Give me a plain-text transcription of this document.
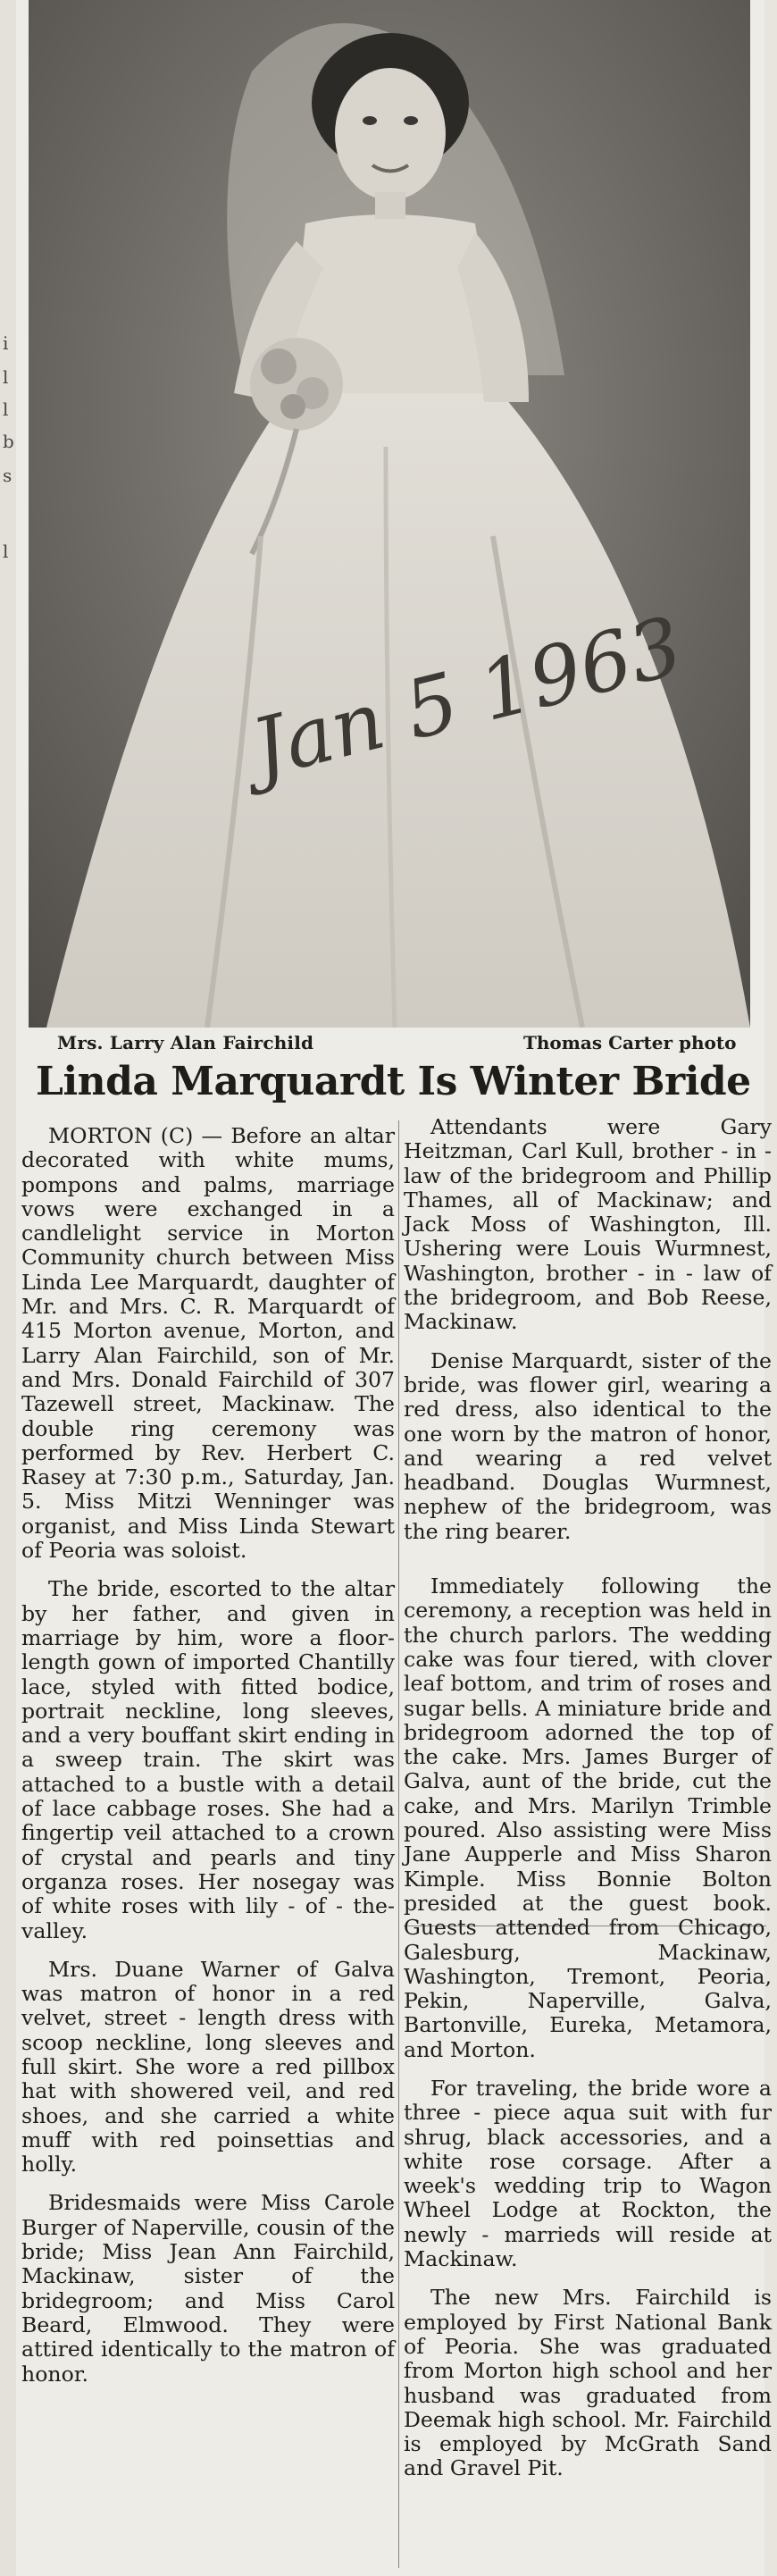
i
l
l
b
s
l
Jan 5 1963
Mrs. Larry Alan Fairchild	Thomas Carter photo
Linda Marquardt Is Winter Bride

MORTON (C) — Before an altar decorated with white mums, pompons and palms, marriage vows were exchanged in a candlelight service in Morton Community church between Miss Linda Lee Marquardt, daughter of Mr. and Mrs. C. R. Marquardt of 415 Morton avenue, Morton, and Larry Alan Fairchild, son of Mr. and Mrs. Donald Fairchild of 307 Tazewell street, Mackinaw. The double ring ceremony was performed by Rev. Herbert C. Rasey at 7:30 p.m., Saturday, Jan. 5. Miss Mitzi Wenninger was organist, and Miss Linda Stewart of Peoria was soloist.

The bride, escorted to the altar by her father, and given in marriage by him, wore a floor-length gown of imported Chantilly lace, styled with fitted bodice, portrait neckline, long sleeves, and a very bouffant skirt ending in a sweep train. The skirt was attached to a bustle with a detail of lace cabbage roses. She had a fingertip veil attached to a crown of crystal and pearls and tiny organza roses. Her nosegay was of white roses with lily - of - the-valley.

Mrs. Duane Warner of Galva was matron of honor in a red velvet, street - length dress with scoop neckline, long sleeves and full skirt. She wore a red pillbox hat with showered veil, and red shoes, and she carried a white muff with red poinsettias and holly.

Bridesmaids were Miss Carole Burger of Naperville, cousin of the bride; Miss Jean Ann Fairchild, Mackinaw, sister of the bridegroom; and Miss Carol Beard, Elmwood. They were attired identically to the matron of honor.

Attendants were Gary Heitzman, Carl Kull, brother - in - law of the bridegroom and Phillip Thames, all of Mackinaw; and Jack Moss of Washington, Ill. Ushering were Louis Wurmnest, Washington, brother - in - law of the bridegroom, and Bob Reese, Mackinaw.

Denise Marquardt, sister of the bride, was flower girl, wearing a red dress, also identical to the one worn by the matron of honor, and wearing a red velvet headband. Douglas Wurmnest, nephew of the bridegroom, was the ring bearer.

Immediately following the ceremony, a reception was held in the church parlors. The wedding cake was four tiered, with clover leaf bottom, and trim of roses and sugar bells. A miniature bride and bridegroom adorned the top of the cake. Mrs. James Burger of Galva, aunt of the bride, cut the cake, and Mrs. Marilyn Trimble poured. Also assisting were Miss Jane Aupperle and Miss Sharon Kimple. Miss Bonnie Bolton presided at the guest book. Guests attended from Chicago, Galesburg, Mackinaw, Washington, Tremont, Peoria, Pekin, Naperville, Galva, Bartonville, Eureka, Metamora, and Morton.

For traveling, the bride wore a three - piece aqua suit with fur shrug, black accessories, and a white rose corsage. After a week's wedding trip to Wagon Wheel Lodge at Rockton, the newly - marrieds will reside at Mackinaw.

The new Mrs. Fairchild is employed by First National Bank of Peoria. She was graduated from Morton high school and her husband was graduated from Deemak high school. Mr. Fairchild is employed by McGrath Sand and Gravel Pit.
